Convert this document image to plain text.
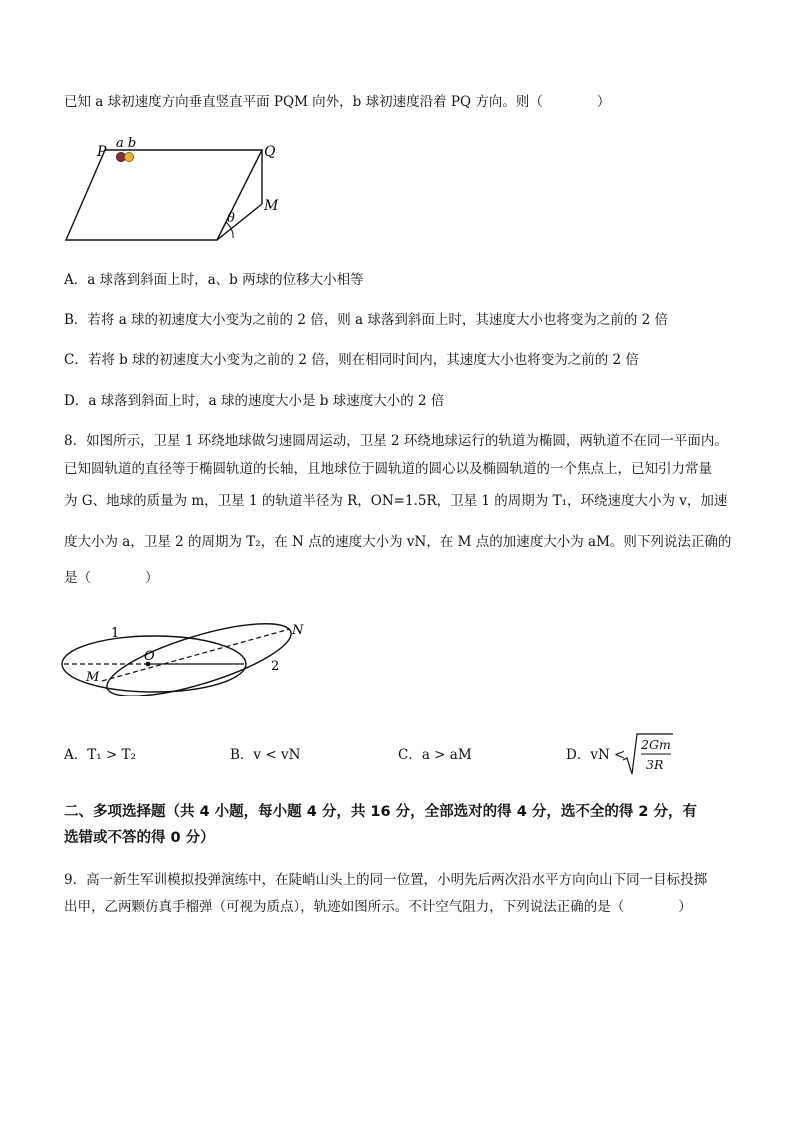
已知 a 球初速度方向垂直竖直平面 PQM 向外，b 球初速度沿着 PQ 方向。则（　　　　）
θ
P	Q
M
a b
A．a 球落到斜面上时，a、b 两球的位移大小相等
B．若将 a 球的初速度大小变为之前的 2 倍，则 a 球落到斜面上时，其速度大小也将变为之前的 2 倍
C．若将 b 球的初速度大小变为之前的 2 倍，则在相同时间内，其速度大小也将变为之前的 2 倍
D．a 球落到斜面上时，a 球的速度大小是 b 球速度大小的 2 倍
8．如图所示，卫星 1 环绕地球做匀速圆周运动，卫星 2 环绕地球运行的轨道为椭圆，两轨道不在同一平面内。
已知圆轨道的直径等于椭圆轨道的长轴，且地球位于圆轨道的圆心以及椭圆轨道的一个焦点上，已知引力常量
为 G、地球的质量为 m，卫星 1 的轨道半径为 R，ON=1.5R，卫星 1 的周期为 T₁，环绕速度大小为 v，加速
度大小为 a，卫星 2 的周期为 T₂，在 N 点的速度大小为 vN，在 M 点的加速度大小为 aM。则下列说法正确的
是（　　　　）
O
M
N
1
2
A．T₁ > T₂	B．v < vN	C．a > aM	D．vN <
2Gm
3R
二、多项选择题（共 4 小题，每小题 4 分，共 16 分，全部选对的得 4 分，选不全的得 2 分，有
选错或不答的得 0 分）
9．高一新生军训模拟投弹演练中，在陡峭山头上的同一位置，小明先后两次沿水平方向向山下同一目标投掷
出甲，乙两颗仿真手榴弹（可视为质点），轨迹如图所示。不计空气阻力，下列说法正确的是（　　　　）
